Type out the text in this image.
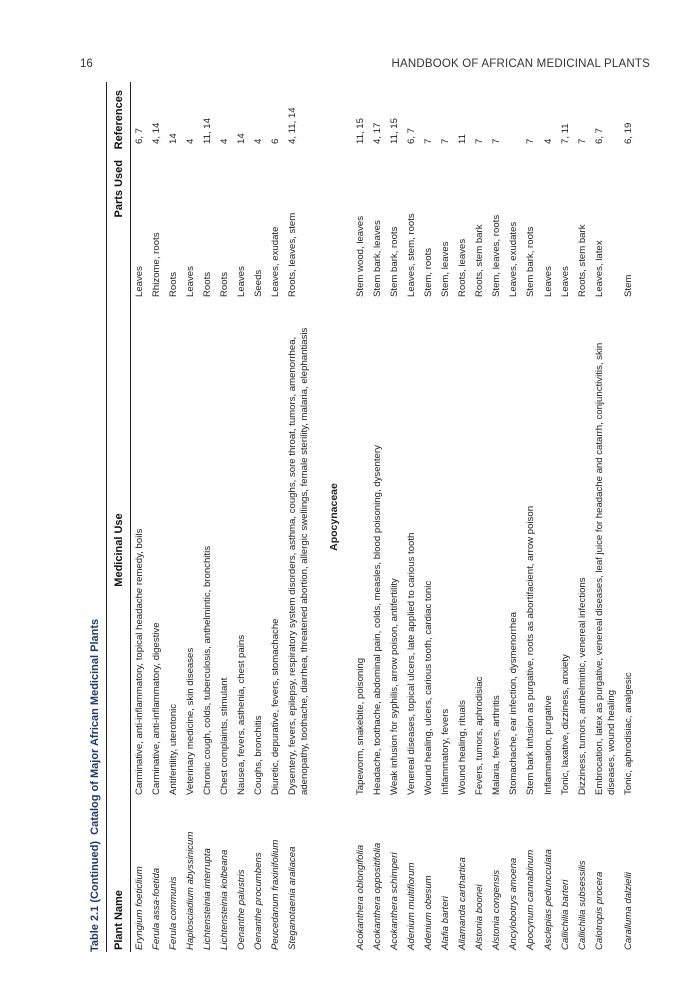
16	HANDBOOK OF AFRICAN MEDICINAL PLANTS
Table 2.1 (Continued)  Catalog of Major African Medicinal Plants
Plant Name
Medicinal Use
Parts Used
References
Eryngium foeticlium
Carminative, anti-inflammatory, topical headache remedy, boils
Leaves
6, 7
Ferula assa-foetida
Carminative, anti-inflammatory, digestive
Rhizome, roots
4, 14
Ferula communis
Antifertility, uterotonic
Roots
14
Haplosciadium abyssinicum
Veterinary medicine, skin diseases
Leaves
4
Lichtensteinia interrupta
Chronic cough, colds, tuberculosis, anthelmintic, bronchitis
Roots
11, 14
Lichtensteinia kolbeana
Chest complaints, stimulant
Roots
4
Oenanthe palustris
Nausea, fevers, asthenia, chest pains
Leaves
14
Oenanthe procumbens
Coughs, bronchitis
Seeds
4
Peucedanum fraxinifolium
Diuretic, depurative, fevers, stomachache
Leaves, exudate
6
Steganotaenia araliacea
Dysentery, fevers, epilepsy, respiratory system disorders, asthma, coughs, sore throat, tumors, amenorrhea, adenopathy, toothache, diarrhea, threatened abortion, allergic swellings, female sterility, malaria, elephantiasis
Roots, leaves, stem
4, 11, 14
Apocynaceae
Acokanthera oblongifolia
Tapeworm, snakebite, poisoning
Stem wood, leaves
11, 15
Acokanthera oppositifolia
Headache, toothache, abdominal pain, colds, measles, blood poisoning, dysentery
Stem bark, leaves
4, 17
Acokanthera schimperi
Weak infusion for syphilis, arrow poison, antifertility
Stem bark, roots
11, 15
Adenium multiflorum
Venereal diseases, topical ulcers, late applied to carious tooth
Leaves, stem, roots
6, 7
Adenium obesum
Wound healing, ulcers, carious tooth, cardiac tonic
Stem, roots
7
Alafia barteri
Inflammatory, fevers
Stem, leaves
7
Allamanda carthartica
Wound healing, rituals
Roots, leaves
11
Alstonia boonei
Fevers, tumors, aphrodisiac
Roots, stem bark
7
Alstonia congensis
Malaria, fevers, arthritis
Stem, leaves, roots
7
Ancylobotrys amoena
Stomachache, ear infection, dysmenorrhea
Leaves, exudates
Apocynum cannabinum
Stem bark infusion as purgative, roots as abortifacient, arrow poison
Stem bark, roots
7
Asclepias peduncculata
Inflammation, purgative
Leaves
4
Callichilia barteri
Tonic, laxative, dizziness, anxiety
Leaves
7, 11
Callichilia subsessilis
Dizziness, tumors, anthelmintic, venereal infections
Roots, stem bark
7
Calotropis procera
Embrocation, latex as purgative, venereal diseases, leaf juice for headache and catarrh, conjunctivitis, skin diseases, wound healing
Leaves, latex
6, 7
Caralluma dalzielii
Tonic, aphrodisiac, analgesic
Stem
6, 19
